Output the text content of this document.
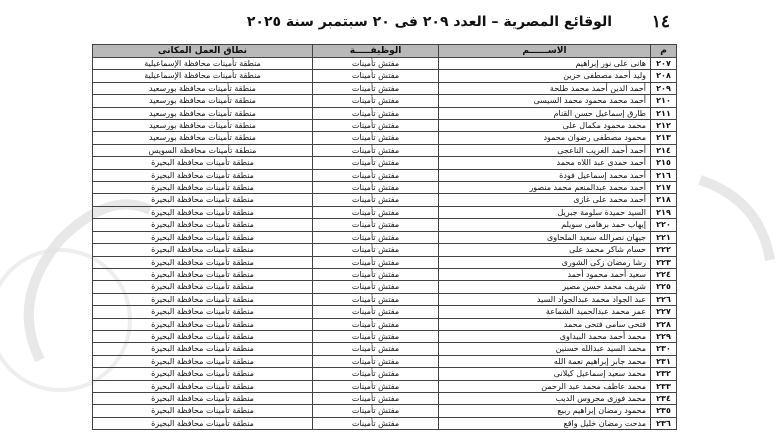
١٤
الوقائع المصرية – العدد ٢٠٩ فى ٢٠ سبتمبر سنة ٢٠٢٥
م	الاســــــم	الوظيفـــــة	نطاق العمل المكانى
٢٠٧	هانى على نور إبراهيم	مفتش تأمينات	منطقة تأمينات محافظة الإسماعيلية
٢٠٨	وليد أحمد مصطفى حزين	مفتش تأمينات	منطقة تأمينات محافظة الإسماعيلية
٢٠٩	أحمد الدين أحمد محمد طلحة	مفتش تأمينات	منطقة تأمينات محافظة بورسعيد
٢١٠	أحمد محمد محمود محمد السيسى	مفتش تأمينات	منطقة تأمينات محافظة بورسعيد
٢١١	طارق إسماعيل حسن القنام	مفتش تأمينات	منطقة تأمينات محافظة بورسعيد
٢١٢	محمد محمود مكمال على	مفتش تأمينات	منطقة تأمينات محافظة بورسعيد
٢١٣	محمود مصطفى رضوان محمود	مفتش تأمينات	منطقة تأمينات محافظة بورسعيد
٢١٤	أحمد أحمد الغريب الناعجى	مفتش تأمينات	منطقة تأمينات محافظة السويس
٢١٥	أحمد حمدى عبد اللاه محمد	مفتش تأمينات	منطقة تأمينات محافظة البحيرة
٢١٦	أحمد محمد إسماعيل فودة	مفتش تأمينات	منطقة تأمينات محافظة البحيرة
٢١٧	أحمد محمد عبدالمنعم محمد منصور	مفتش تأمينات	منطقة تأمينات محافظة البحيرة
٢١٨	أحمد محمد على غازى	مفتش تأمينات	منطقة تأمينات محافظة البحيرة
٢١٩	السيد حميدة سلومة جبريل	مفتش تأمينات	منطقة تأمينات محافظة البحيرة
٢٢٠	إيهاب حمد برهامى سويلم	مفتش تأمينات	منطقة تأمينات محافظة البحيرة
٢٢١	جيهان نصرالله سعيد الملحاوى	مفتش تأمينات	منطقة تأمينات محافظة البحيرة
٢٢٢	حسام شاكر محمد على	مفتش تأمينات	منطقة تأمينات محافظة البحيرة
٢٢٣	رشا رمضان زكى الشورى	مفتش تأمينات	منطقة تأمينات محافظة البحيرة
٢٢٤	سعيد أحمد محمود أحمد	مفتش تأمينات	منطقة تأمينات محافظة البحيرة
٢٢٥	شريف محمد حسن مصير	مفتش تأمينات	منطقة تأمينات محافظة البحيرة
٢٢٦	عبد الجواد محمد عبدالجواد السيد	مفتش تأمينات	منطقة تأمينات محافظة البحيرة
٢٢٧	عمر محمد عبدالحميد الشماعة	مفتش تأمينات	منطقة تأمينات محافظة البحيرة
٢٢٨	فتحى سامى فتحى محمد	مفتش تأمينات	منطقة تأمينات محافظة البحيرة
٢٢٩	محمد أحمد محمد البيداوى	مفتش تأمينات	منطقة تأمينات محافظة البحيرة
٢٣٠	محمد السيد عبدالله حسنين	مفتش تأمينات	منطقة تأمينات محافظة البحيرة
٢٣١	محمد جابر إبراهيم نعمة الله	مفتش تأمينات	منطقة تأمينات محافظة البحيرة
٢٣٢	محمد سعيد إسماعيل كيلانى	مفتش تأمينات	منطقة تأمينات محافظة البحيرة
٢٣٣	محمد عاطف محمد عبد الرحمن	مفتش تأمينات	منطقة تأمينات محافظة البحيرة
٢٣٤	محمد فوزى محروس الديب	مفتش تأمينات	منطقة تأمينات محافظة البحيرة
٢٣٥	محمود رمضان إبراهيم ربيع	مفتش تأمينات	منطقة تأمينات محافظة البحيرة
٢٣٦	مدحت رمضان خليل واقع	مفتش تأمينات	منطقة تأمينات محافظة البحيرة
